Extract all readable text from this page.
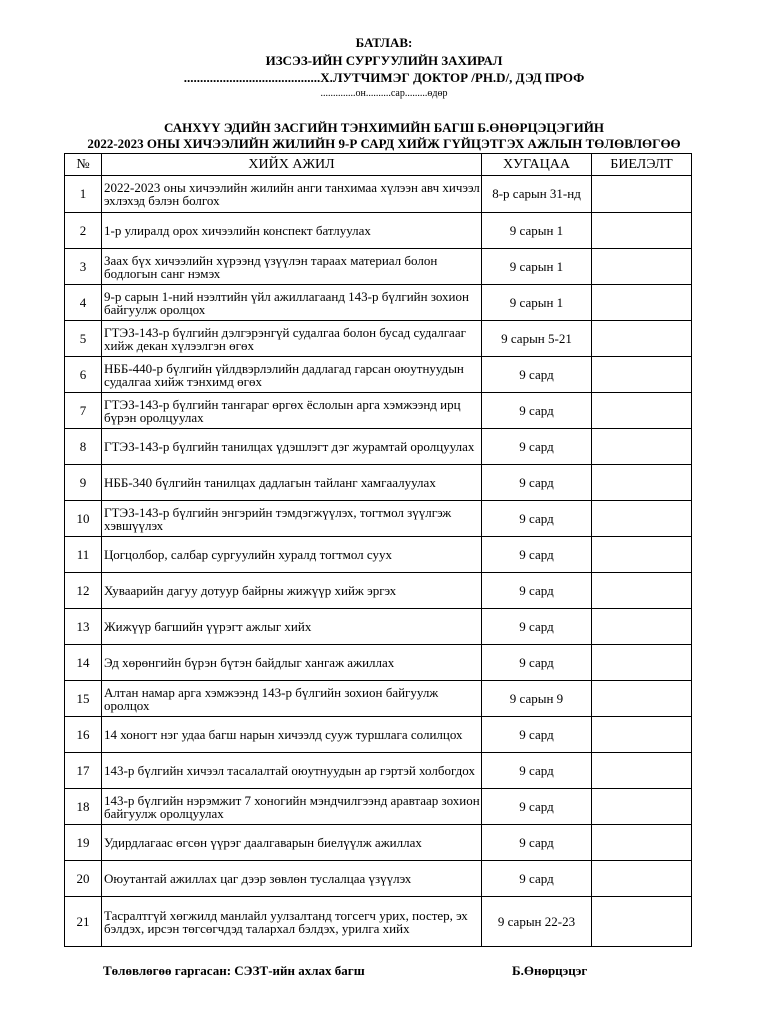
БАТЛАВ:
ИЗСЭЗ-ИЙН СУРГУУЛИЙН ЗАХИРАЛ
..........................................Х.ЛУТЧИМЭГ ДОКТОР /PH.D/, ДЭД ПРОФ
..............он..........сар.........өдөр
САНХҮҮ ЭДИЙН ЗАСГИЙН ТЭНХИМИЙН БАГШ Б.ӨНӨРЦЭЦЭГИЙН
2022-2023 ОНЫ ХИЧЭЭЛИЙН ЖИЛИЙН 9-Р САРД ХИЙЖ ГҮЙЦЭТГЭХ АЖЛЫН ТӨЛӨВЛӨГӨӨ
№	ХИЙХ АЖИЛ	ХУГАЦАА	БИЕЛЭЛТ
1	2022-2023 оны хичээлийн жилийн анги танхимаа хүлээн авч хичээл эхлэхэд бэлэн болгох	8-р сарын 31-нд	
2	1-р улиралд орох хичээлийн конспект батлуулах	9 сарын 1	
3	Заах бүх хичээлийн хүрээнд үзүүлэн тараах материал болон бодлогын санг нэмэх	9 сарын 1	
4	9-р сарын 1-ний нээлтийн үйл ажиллагаанд 143-р бүлгийн зохион байгуулж оролцох	9 сарын 1	
5	ГТЭЗ-143-р бүлгийн дэлгэрэнгүй судалгаа болон бусад судалгааг хийж декан хүлээлгэн өгөх	9 сарын 5-21	
6	НББ-440-р бүлгийн үйлдвэрлэлийн дадлагад гарсан оюутнуудын судалгаа хийж тэнхимд өгөх	9 сард	
7	ГТЭЗ-143-р бүлгийн тангараг өргөх ёслолын арга хэмжээнд ирц бүрэн оролцуулах	9 сард	
8	ГТЭЗ-143-р бүлгийн танилцах үдэшлэгт дэг журамтай оролцуулах	9 сард	
9	НББ-340 бүлгийн танилцах дадлагын тайланг хамгаалуулах	9 сард	
10	ГТЭЗ-143-р бүлгийн энгэрийн тэмдэгжүүлэх, тогтмол зүүлгэж хэвшүүлэх	9 сард	
11	Цогцолбор, салбар сургуулийн хуралд тогтмол суух	9 сард	
12	Хуваарийн дагуу дотуур байрны жижүүр хийж эргэх	9 сард	
13	Жижүүр багшийн үүрэгт ажлыг хийх	9 сард	
14	Эд хөрөнгийн бүрэн бүтэн байдлыг хангаж ажиллах	9 сард	
15	Алтан намар арга хэмжээнд 143-р бүлгийн зохион байгуулж оролцох	9 сарын 9	
16	14 хоногт нэг удаа багш нарын хичээлд сууж туршлага солилцох	9 сард	
17	143-р бүлгийн хичээл тасалалтай оюутнуудын ар гэртэй холбогдох	9 сард	
18	143-р бүлгийн нэрэмжит 7 хоногийн мэндчилгээнд аравтаар зохион байгуулж оролцуулах	9 сард	
19	Удирдлагаас өгсөн үүрэг даалгаварын биелүүлж ажиллах	9 сард	
20	Оюутантай ажиллах цаг дээр зөвлөн туслалцаа үзүүлэх	9 сард	
21	Тасралтгүй хөгжилд манлайл уулзалтанд тогсегч урих, постер, эх бэлдэх, ирсэн төгсөгчдэд талархал бэлдэх, урилга хийх	9 сарын 22-23	
Төлөвлөгөө гаргасан: СЭЗТ-ийн ахлах багш	Б.Өнөрцэцэг
